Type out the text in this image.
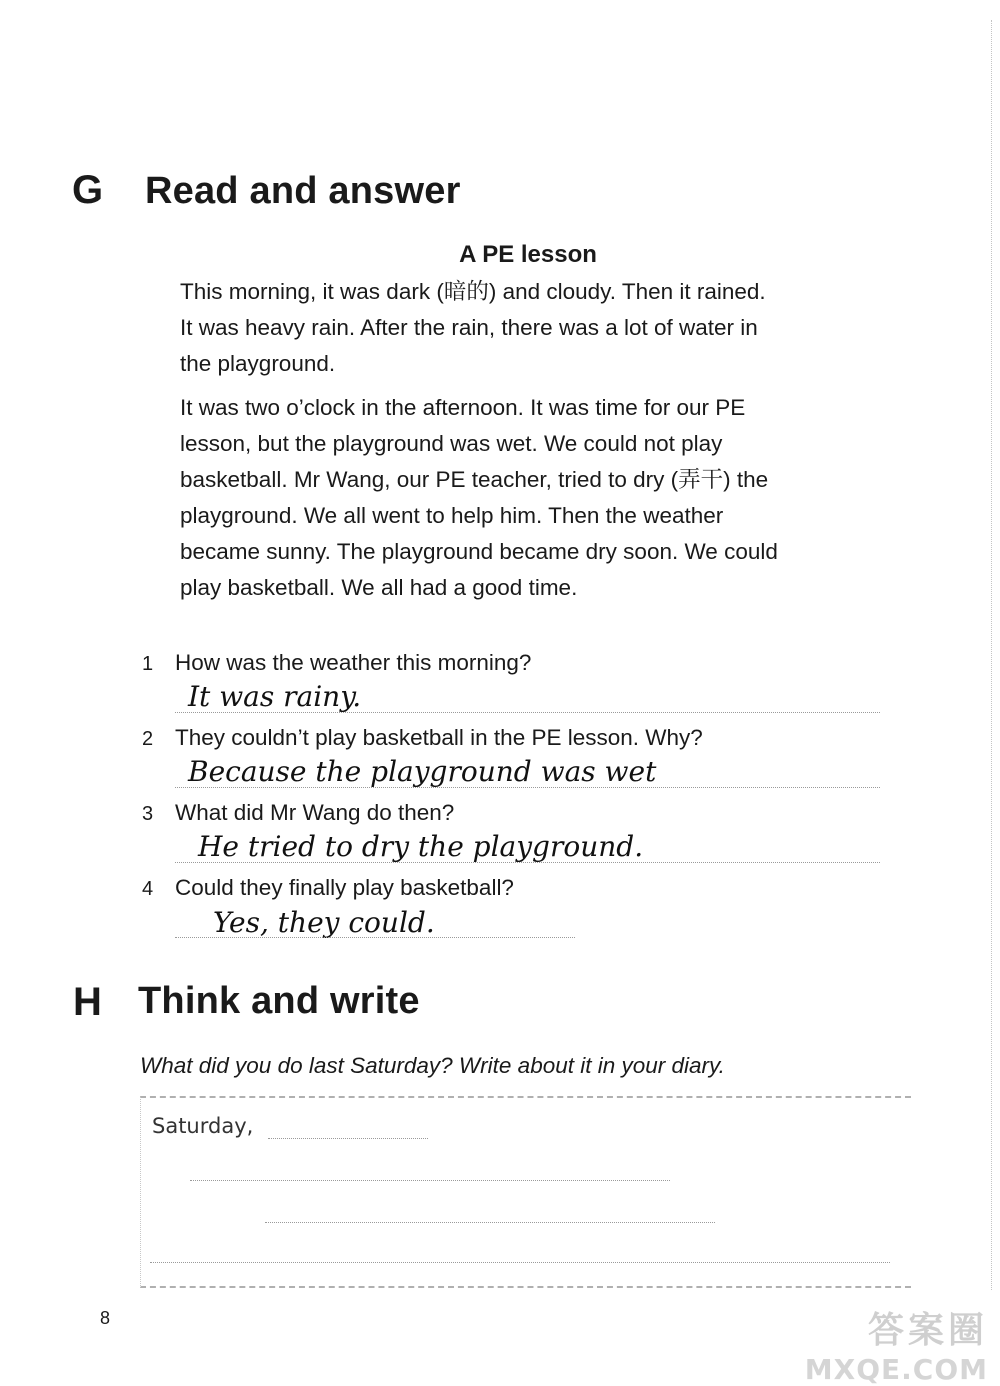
G Read and answer
A PE lesson
This morning, it was dark (暗的) and cloudy. Then it rained.
It was heavy rain. After the rain, there was a lot of water in
the playground.
It was two o’clock in the afternoon. It was time for our PE
lesson, but the playground was wet. We could not play
basketball. Mr Wang, our PE teacher, tried to dry (弄干) the
playground. We all went to help him. Then the weather
became sunny. The playground became dry soon. We could
play basketball. We all had a good time.
1 How was the weather this morning?
It was rainy.
2 They couldn’t play basketball in the PE lesson. Why?
Because the playground was wet
3 What did Mr Wang do then?
He tried to dry the playground.
4 Could they finally play basketball?
Yes, they could.
H Think and write
What did you do last Saturday? Write about it in your diary.
Saturday,
8	答案圈
MXQE.COM
